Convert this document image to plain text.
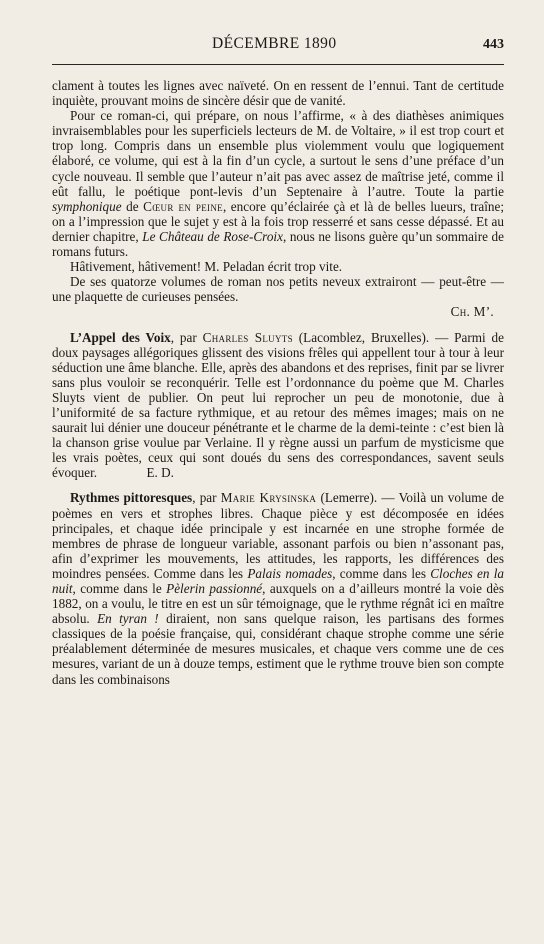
DÉCEMBRE 1890	443

clament à toutes les lignes avec naïveté. On en ressent de l’ennui. Tant de certitude inquiète, prouvant moins de sincère désir que de vanité.

Pour ce roman-ci, qui prépare, on nous l’affirme, « à des diathèses animiques invraisemblables pour les superficiels lecteurs de M. de Voltaire, » il est trop court et trop long. Compris dans un ensemble plus violemment voulu que logiquement élaboré, ce volume, qui est à la fin d’un cycle, a surtout le sens d’une préface d’un cycle nouveau. Il semble que l’auteur n’ait pas avec assez de maîtrise jeté, comme il eût fallu, le poétique pont-levis d’un Septenaire à l’autre. Toute la partie symphonique de Cœur en peine, encore qu’éclairée çà et là de belles lueurs, traîne; on a l’impression que le sujet y est à la fois trop resserré et sans cesse dépassé. Et au dernier chapitre, Le Château de Rose-Croix, nous ne lisons guère qu’un sommaire de romans futurs.

Hâtivement, hâtivement! M. Peladan écrit trop vite.

De ses quatorze volumes de roman nos petits neveux extrairont — peut-être — une plaquette de curieuses pensées.

Ch. M’.

L’Appel des Voix, par Charles Sluyts (Lacomblez, Bruxelles). — Parmi de doux paysages allégoriques glissent des visions frêles qui appellent tour à tour à leur séduction une âme blanche. Elle, après des abandons et des reprises, finit par se livrer sans plus vouloir se reconquérir. Telle est l’ordonnance du poème que M. Charles Sluyts vient de publier. On peut lui reprocher un peu de monotonie, due à l’uniformité de sa facture rythmique, et au retour des mêmes images; mais on ne saurait lui dénier une douceur pénétrante et le charme de la demi-teinte : c’est bien là la chanson grise voulue par Verlaine. Il y règne aussi un parfum de mysticisme que les vrais poètes, ceux qui sont doués du sens des correspondances, savent seuls évoquer.	E. D.

Rythmes pittoresques, par Marie Krysinska (Lemerre). — Voilà un volume de poèmes en vers et strophes libres. Chaque pièce y est décomposée en idées principales, et chaque idée principale y est incarnée en une strophe formée de membres de phrase de longueur variable, assonant parfois ou bien n’assonant pas, afin d’exprimer les mouvements, les attitudes, les rapports, les différences des moindres pensées. Comme dans les Palais nomades, comme dans les Cloches en la nuit, comme dans le Pèlerin passionné, auxquels on a d’ailleurs montré la voie dès 1882, on a voulu, le titre en est un sûr témoignage, que le rythme régnât ici en maître absolu. En tyran ! diraient, non sans quelque raison, les partisans des formes classiques de la poésie française, qui, considérant chaque strophe comme une série préalablement déterminée de mesures musicales, et chaque vers comme une de ces mesures, variant de un à douze temps, estiment que le rythme trouve bien son compte dans les combinaisons
